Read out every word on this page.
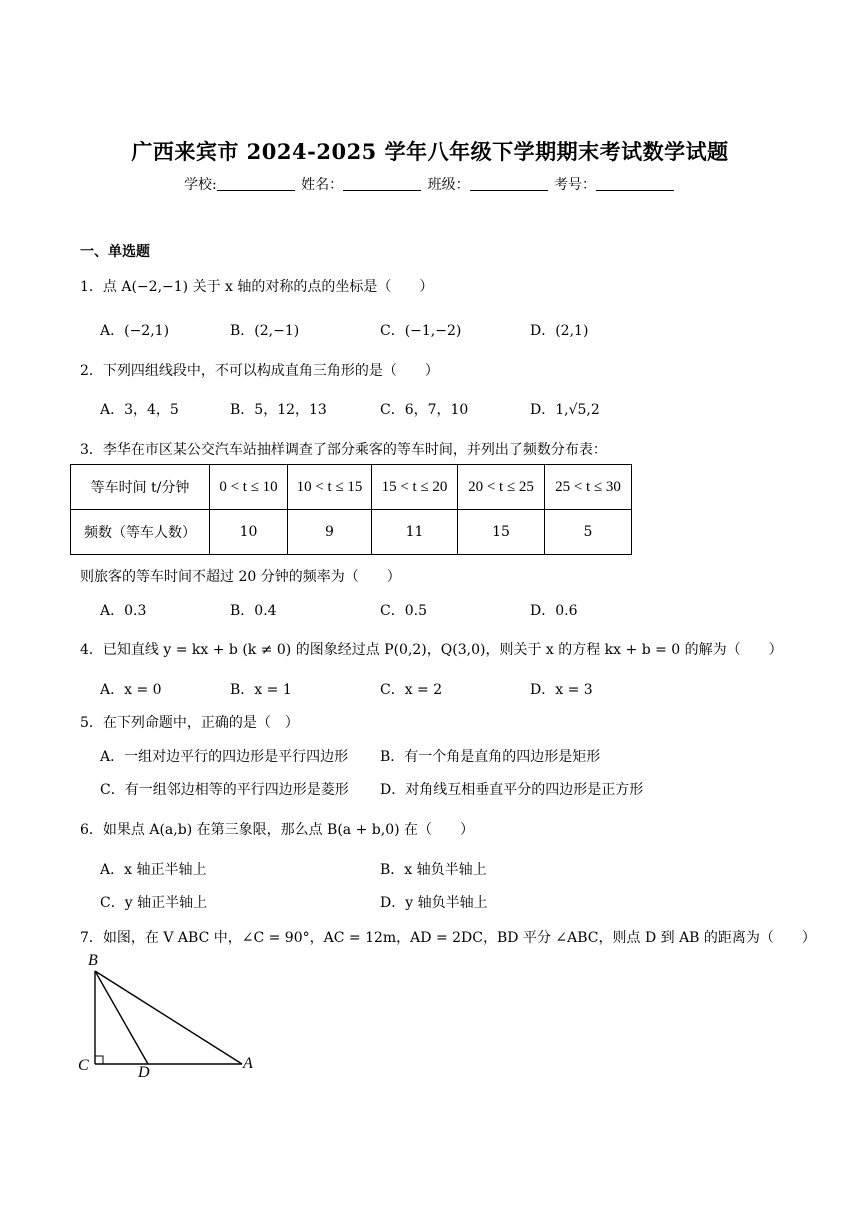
广西来宾市 2024-2025 学年八年级下学期期末考试数学试题
学校:	姓名：	班级：	考号：
一、单选题
1．点 A(−2,−1) 关于 x 轴的对称的点的坐标是（　　）
A．(−2,1)	B．(2,−1)	C．(−1,−2)	D．(2,1)
2．下列四组线段中，不可以构成直角三角形的是（　　）
A．3，4，5	B．5，12，13	C．6，7，10	D．1,√5,2
3．李华在市区某公交汽车站抽样调查了部分乘客的等车时间，并列出了频数分布表：
等车时间 t/分钟	0 < t ≤ 10	10 < t ≤ 15	15 < t ≤ 20	20 < t ≤ 25	25 < t ≤ 30
频数（等车人数）	10	9	11	15	5
则旅客的等车时间不超过 20 分钟的频率为（　　）
A．0.3	B．0.4	C．0.5	D．0.6
4．已知直线 y = kx + b (k ≠ 0) 的图象经过点 P(0,2)，Q(3,0)，则关于 x 的方程 kx + b = 0 的解为（　　）
A．x = 0	B．x = 1	C．x = 2	D．x = 3
5．在下列命题中，正确的是（　）
A．一组对边平行的四边形是平行四边形 B．有一个角是直角的四边形是矩形
C．有一组邻边相等的平行四边形是菱形 D．对角线互相垂直平分的四边形是正方形
6．如果点 A(a,b) 在第三象限，那么点 B(a + b,0) 在（　　）
A．x 轴正半轴上	B．x 轴负半轴上
C．y 轴正半轴上	D．y 轴负半轴上
7．如图，在 V ABC 中，∠C = 90°，AC = 12m，AD = 2DC，BD 平分 ∠ABC，则点 D 到 AB 的距离为（　　）
B
C	D
A
